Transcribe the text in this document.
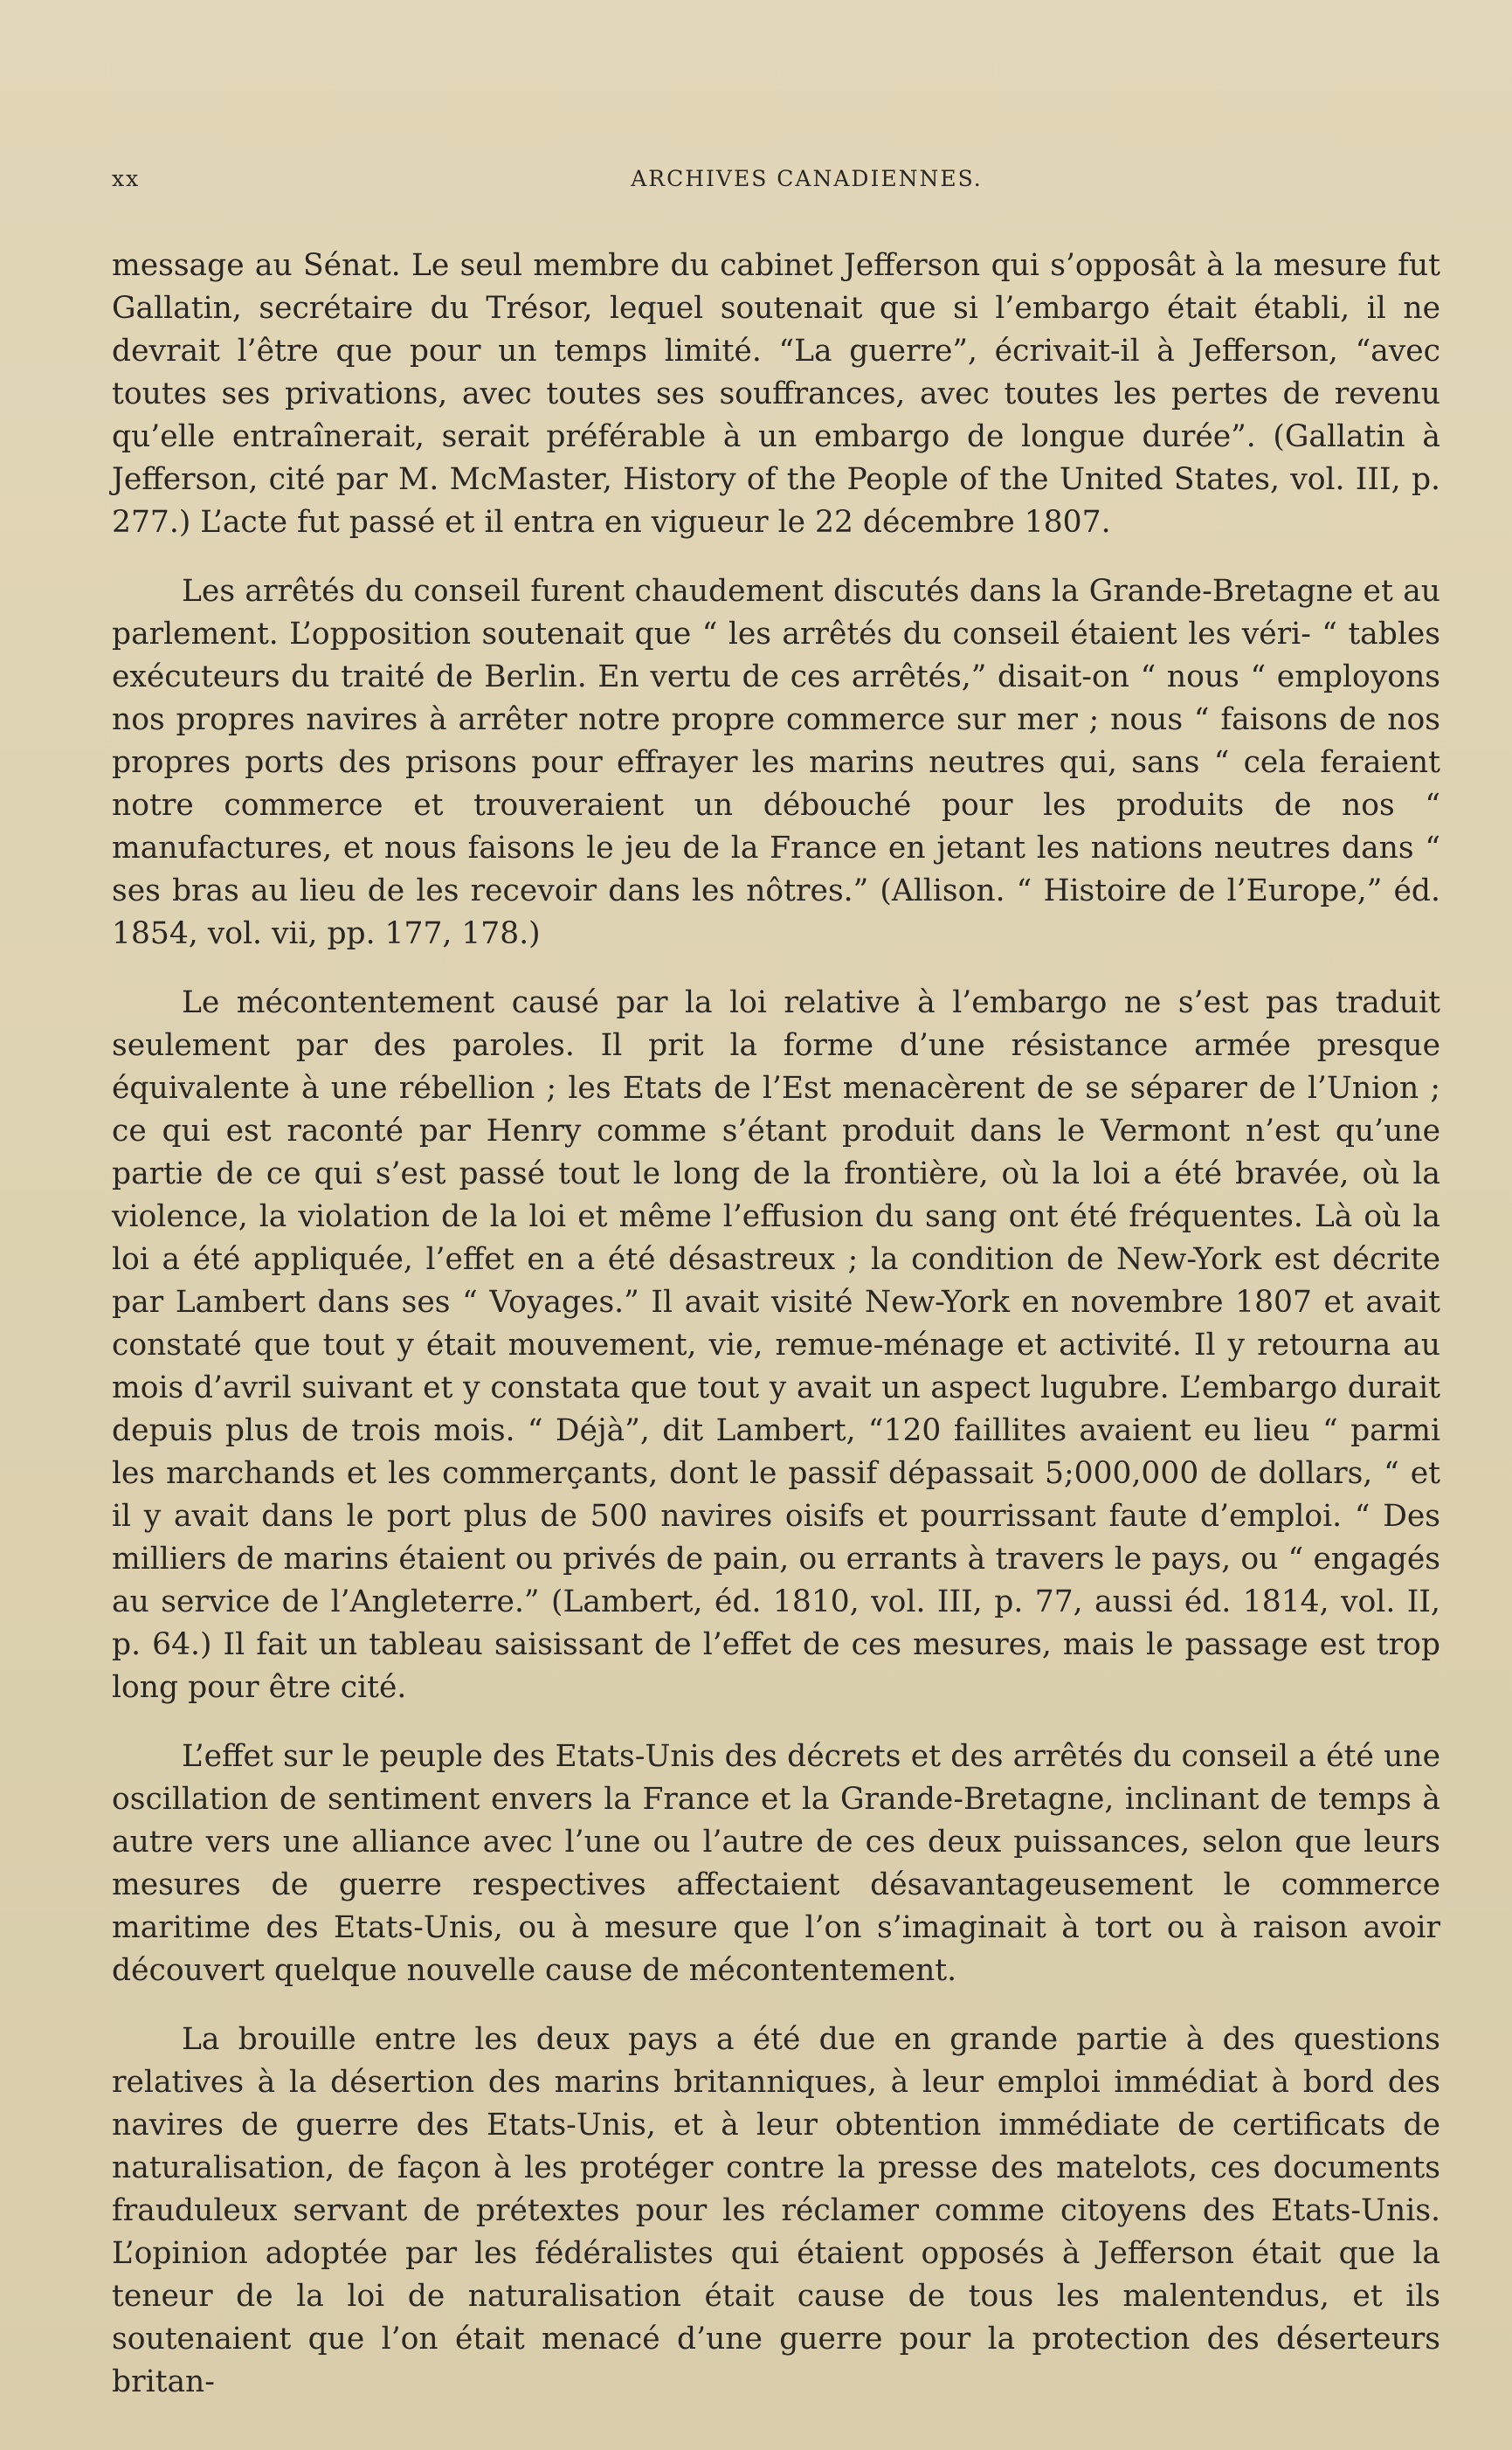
xx	ARCHIVES CANADIENNES.

message au Sénat. Le seul membre du cabinet Jefferson qui s’opposât à la mesure fut Gallatin, secrétaire du Trésor, lequel soutenait que si l’embargo était établi, il ne devrait l’être que pour un temps limité. “La guerre”, écrivait-il à Jefferson, “avec toutes ses privations, avec toutes ses souffrances, avec toutes les pertes de revenu qu’elle entraînerait, serait préférable à un embargo de longue durée”. (Gallatin à Jefferson, cité par M. McMaster, History of the People of the United States, vol. III, p. 277.) L’acte fut passé et il entra en vigueur le 22 décembre 1807.

Les arrêtés du conseil furent chaudement discutés dans la Grande-Bretagne et au parlement. L’opposition soutenait que “ les arrêtés du conseil étaient les véri- “ tables exécuteurs du traité de Berlin. En vertu de ces arrêtés,” disait-on “ nous “ employons nos propres navires à arrêter notre propre commerce sur mer ; nous “ faisons de nos propres ports des prisons pour effrayer les marins neutres qui, sans “ cela feraient notre commerce et trouveraient un débouché pour les produits de nos “ manufactures, et nous faisons le jeu de la France en jetant les nations neutres dans “ ses bras au lieu de les recevoir dans les nôtres.” (Allison. “ Histoire de l’Europe,” éd. 1854, vol. vii, pp. 177, 178.)

Le mécontentement causé par la loi relative à l’embargo ne s’est pas traduit seulement par des paroles. Il prit la forme d’une résistance armée presque équivalente à une rébellion ; les Etats de l’Est menacèrent de se séparer de l’Union ; ce qui est raconté par Henry comme s’étant produit dans le Vermont n’est qu’une partie de ce qui s’est passé tout le long de la frontière, où la loi a été bravée, où la violence, la violation de la loi et même l’effusion du sang ont été fréquentes. Là où la loi a été appliquée, l’effet en a été désastreux ; la condition de New-York est décrite par Lambert dans ses “ Voyages.” Il avait visité New-York en novembre 1807 et avait constaté que tout y était mouvement, vie, remue-ménage et activité. Il y retourna au mois d’avril suivant et y constata que tout y avait un aspect lugubre. L’embargo durait depuis plus de trois mois. “ Déjà”, dit Lambert, “120 faillites avaient eu lieu “ parmi les marchands et les commerçants, dont le passif dépassait 5;000,000 de dollars, “ et il y avait dans le port plus de 500 navires oisifs et pourrissant faute d’emploi. “ Des milliers de marins étaient ou privés de pain, ou errants à travers le pays, ou “ engagés au service de l’Angleterre.” (Lambert, éd. 1810, vol. III, p. 77, aussi éd. 1814, vol. II, p. 64.) Il fait un tableau saisissant de l’effet de ces mesures, mais le passage est trop long pour être cité.

L’effet sur le peuple des Etats-Unis des décrets et des arrêtés du conseil a été une oscillation de sentiment envers la France et la Grande-Bretagne, inclinant de temps à autre vers une alliance avec l’une ou l’autre de ces deux puissances, selon que leurs mesures de guerre respectives affectaient désavantageusement le commerce maritime des Etats-Unis, ou à mesure que l’on s’imaginait à tort ou à raison avoir découvert quelque nouvelle cause de mécontentement.

La brouille entre les deux pays a été due en grande partie à des questions relatives à la désertion des marins britanniques, à leur emploi immédiat à bord des navires de guerre des Etats-Unis, et à leur obtention immédiate de certificats de naturalisation, de façon à les protéger contre la presse des matelots, ces documents frauduleux servant de prétextes pour les réclamer comme citoyens des Etats-Unis. L’opinion adoptée par les fédéralistes qui étaient opposés à Jefferson était que la teneur de la loi de naturalisation était cause de tous les malentendus, et ils soutenaient que l’on était menacé d’une guerre pour la protection des déserteurs britan-
